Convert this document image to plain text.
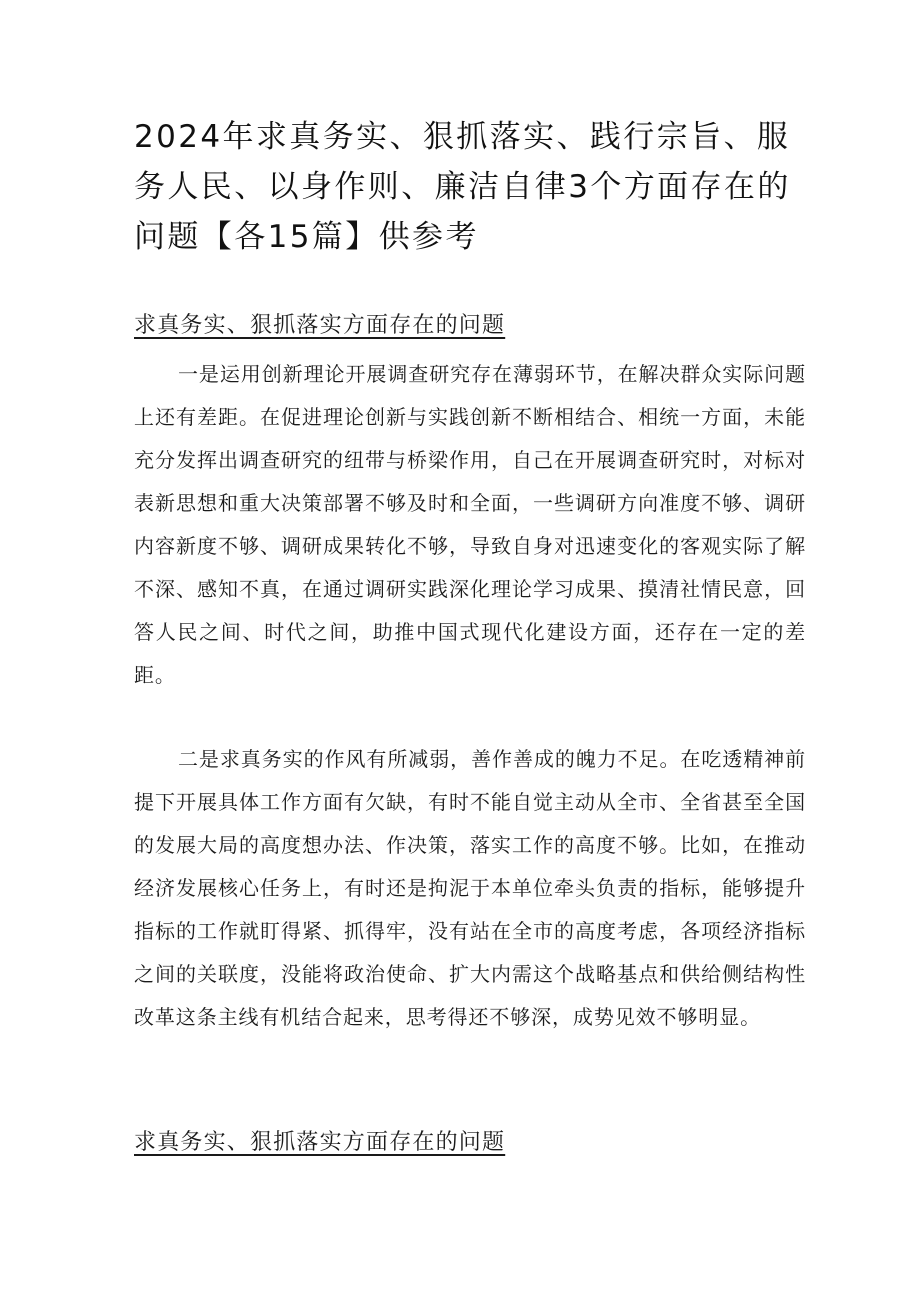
2024年求真务实、狠抓落实、践行宗旨、服务人民、以身作则、廉洁自律3个方面存在的问题【各15篇】供参考
求真务实、狠抓落实方面存在的问题

一是运用创新理论开展调查研究存在薄弱环节，在解决群众实际问题上还有差距。在促进理论创新与实践创新不断相结合、相统一方面，未能充分发挥出调查研究的纽带与桥梁作用，自己在开展调查研究时，对标对表新思想和重大决策部署不够及时和全面，一些调研方向准度不够、调研内容新度不够、调研成果转化不够，导致自身对迅速变化的客观实际了解不深、感知不真，在通过调研实践深化理论学习成果、摸清社情民意，回答人民之间、时代之间，助推中国式现代化建设方面，还存在一定的差距。

二是求真务实的作风有所减弱，善作善成的魄力不足。在吃透精神前提下开展具体工作方面有欠缺，有时不能自觉主动从全市、全省甚至全国的发展大局的高度想办法、作决策，落实工作的高度不够。比如，在推动经济发展核心任务上，有时还是拘泥于本单位牵头负责的指标，能够提升指标的工作就盯得紧、抓得牢，没有站在全市的高度考虑，各项经济指标之间的关联度，没能将政治使命、扩大内需这个战略基点和供给侧结构性改革这条主线有机结合起来，思考得还不够深，成势见效不够明显。

求真务实、狠抓落实方面存在的问题
